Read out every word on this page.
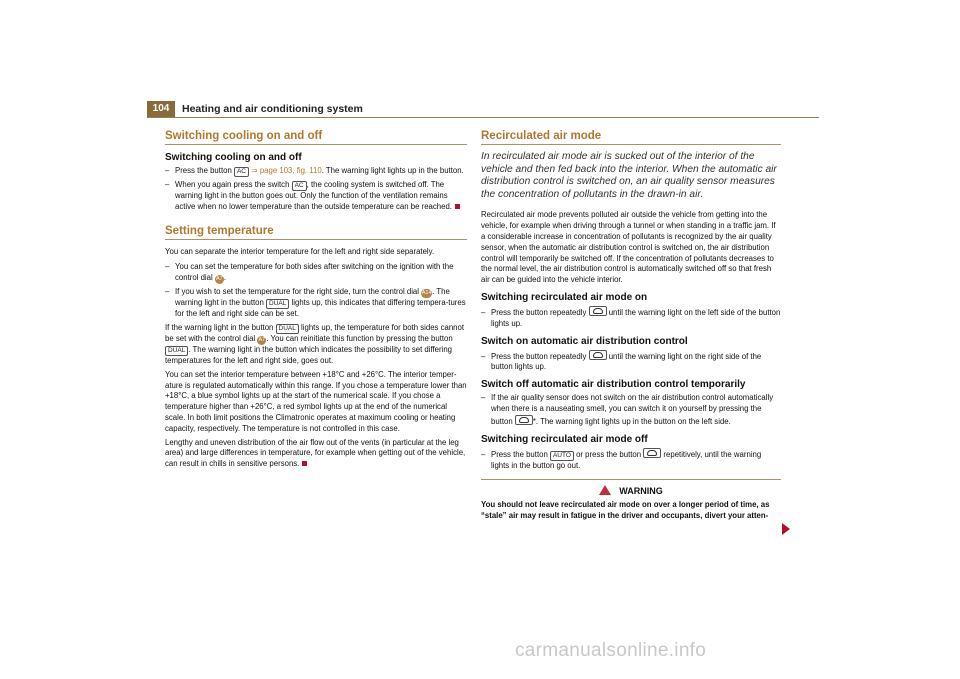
104	Heating and air conditioning system
Switching cooling on and off
Switching cooling on and off
– Press the button AC ⇒ page 103, fig. 110. The warning light lights up in the button.
– When you again press the switch AC , the cooling system is switched off. The warning light in the button goes out. Only the function of the ventilation remains active when no lower temperature than the outside temperature can be reached.
Setting temperature

You can separate the interior temperature for the left and right side separately.

– You can set the temperature for both sides after switching on the ignition with the control dial A7.
– If you wish to set the temperature for the right side, turn the control dial A14. The warning light in the button DUAL lights up, this indicates that differing tempera-tures for the left and right side can be set.

If the warning light in the button DUAL lights up, the temperature for both sides cannot be set with the control dial A7. You can reinitiate this function by pressing the button DUAL . The warning light in the button which indicates the possibility to set differing temperatures for the left and right side, goes out.

You can set the interior temperature between +18°C and +26°C. The interior temper-ature is regulated automatically within this range. If you chose a temperature lower than +18°C, a blue symbol lights up at the start of the numerical scale. If you chose a temperature higher than +26°C, a red symbol lights up at the end of the numerical scale. In both limit positions the Climatronic operates at maximum cooling or heating capacity, respectively. The temperature is not controlled in this case.

Lengthy and uneven distribution of the air flow out of the vents (in particular at the leg area) and large differences in temperature, for example when getting out of the vehicle, can result in chills in sensitive persons.

Recirculated air mode

In recirculated air mode air is sucked out of the interior of the vehicle and then fed back into the interior. When the automatic air distribution control is switched on, an air quality sensor measures the concentration of pollutants in the drawn-in air.

Recirculated air mode prevents polluted air outside the vehicle from getting into the vehicle, for example when driving through a tunnel or when standing in a traffic jam. If a considerable increase in concentration of pollutants is recognized by the air quality sensor, when the automatic air distribution control is switched on, the air distribution control will temporarily be switched off. If the concentration of pollutants decreases to the normal level, the air distribution control is automatically switched off so that fresh air can be guided into the vehicle interior.

Switching recirculated air mode on
– Press the button repeatedly  until the warning light on the left side of the button lights up.
Switch on automatic air distribution control
– Press the button repeatedly  until the warning light on the right side of the button lights up.
Switch off automatic air distribution control temporarily
– If the air quality sensor does not switch on the air distribution control automatically when there is a nauseating smell, you can switch it on yourself by pressing the button *. The warning light lights up in the button on the left side.
Switching recirculated air mode off
– Press the button AUTO or press the button  repetitively, until the warning lights in the button go out.
WARNING

You should not leave recirculated air mode on over a longer period of time, as “stale” air may result in fatigue in the driver and occupants, divert your atten-

carmanualsonline.info
